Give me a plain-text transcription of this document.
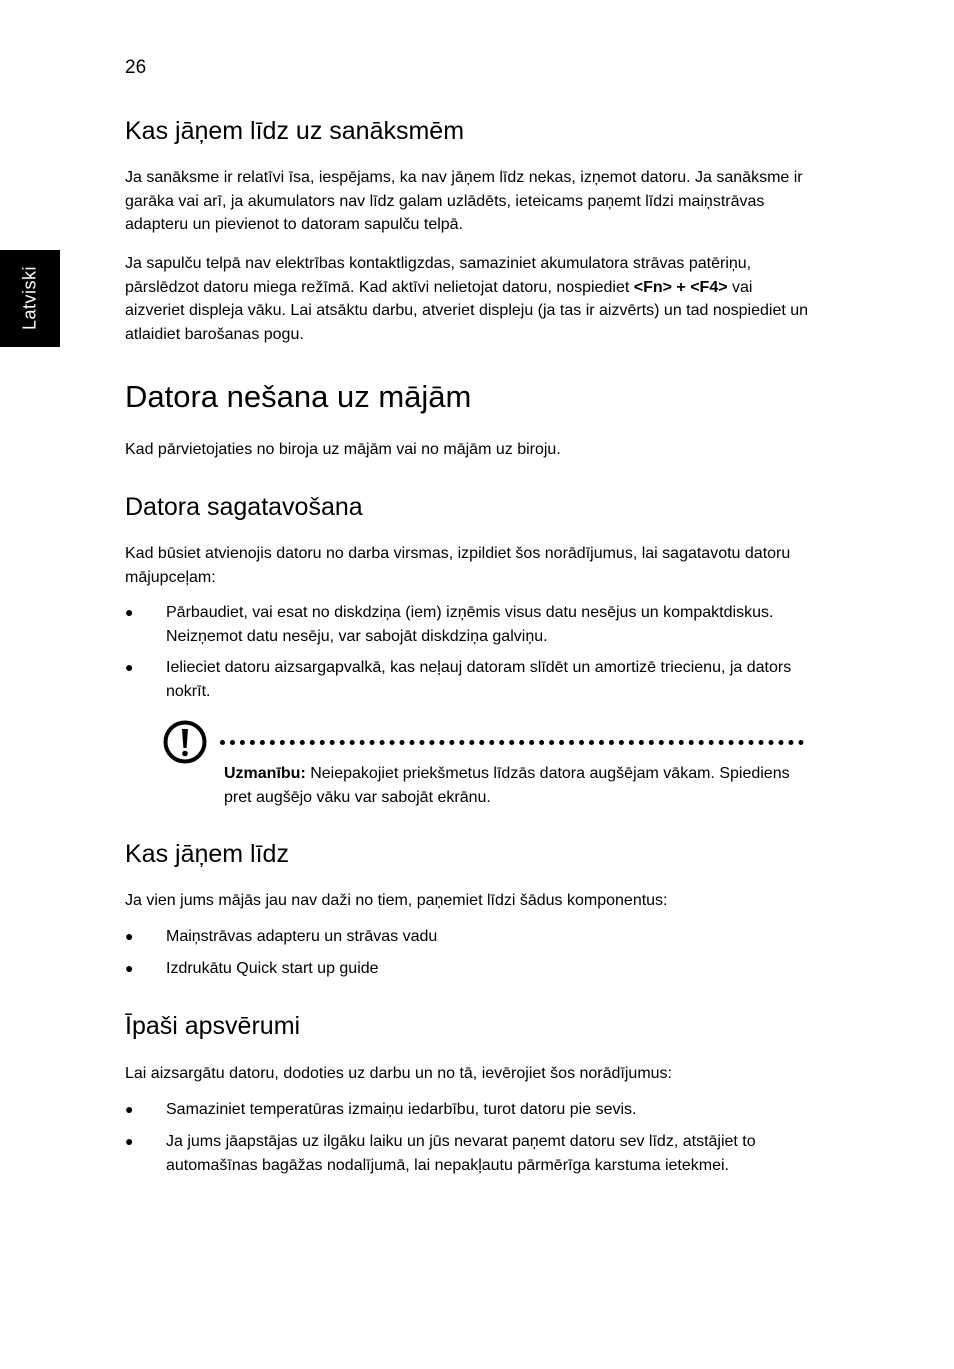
26
Latviski
Kas jāņem līdz uz sanāksmēm

Ja sanāksme ir relatīvi īsa, iespējams, ka nav jāņem līdz nekas, izņemot datoru. Ja sanāksme ir garāka vai arī, ja akumulators nav līdz galam uzlādēts, ieteicams paņemt līdzi maiņstrāvas adapteru un pievienot to datoram sapulču telpā.

Ja sapulču telpā nav elektrības kontaktligzdas, samaziniet akumulatora strāvas patēriņu, pārslēdzot datoru miega režīmā. Kad aktīvi nelietojat datoru, nospiediet <Fn> + <F4> vai aizveriet displeja vāku. Lai atsāktu darbu, atveriet displeju (ja tas ir aizvērts) un tad nospiediet un atlaidiet barošanas pogu.

Datora nešana uz mājām

Kad pārvietojaties no biroja uz mājām vai no mājām uz biroju.

Datora sagatavošana

Kad būsiet atvienojis datoru no darba virsmas, izpildiet šos norādījumus, lai sagatavotu datoru mājupceļam:

● Pārbaudiet, vai esat no diskdziņa (iem) izņēmis visus datu nesējus un kompaktdiskus. Neizņemot datu nesēju, var sabojāt diskdziņa galviņu.
● Ielieciet datoru aizsargapvalkā, kas neļauj datoram slīdēt un amortizē triecienu, ja dators nokrīt.
Uzmanību: Neiepakojiet priekšmetus līdzās datora augšējam vākam. Spiediens pret augšējo vāku var sabojāt ekrānu.
Kas jāņem līdz

Ja vien jums mājās jau nav daži no tiem, paņemiet līdzi šādus komponentus:

● Maiņstrāvas adapteru un strāvas vadu
● Izdrukātu Quick start up guide
Īpaši apsvērumi

Lai aizsargātu datoru, dodoties uz darbu un no tā, ievērojiet šos norādījumus:

● Samaziniet temperatūras izmaiņu iedarbību, turot datoru pie sevis.
● Ja jums jāapstājas uz ilgāku laiku un jūs nevarat paņemt datoru sev līdz, atstājiet to automašīnas bagāžas nodalījumā, lai nepakļautu pārmērīga karstuma ietekmei.
